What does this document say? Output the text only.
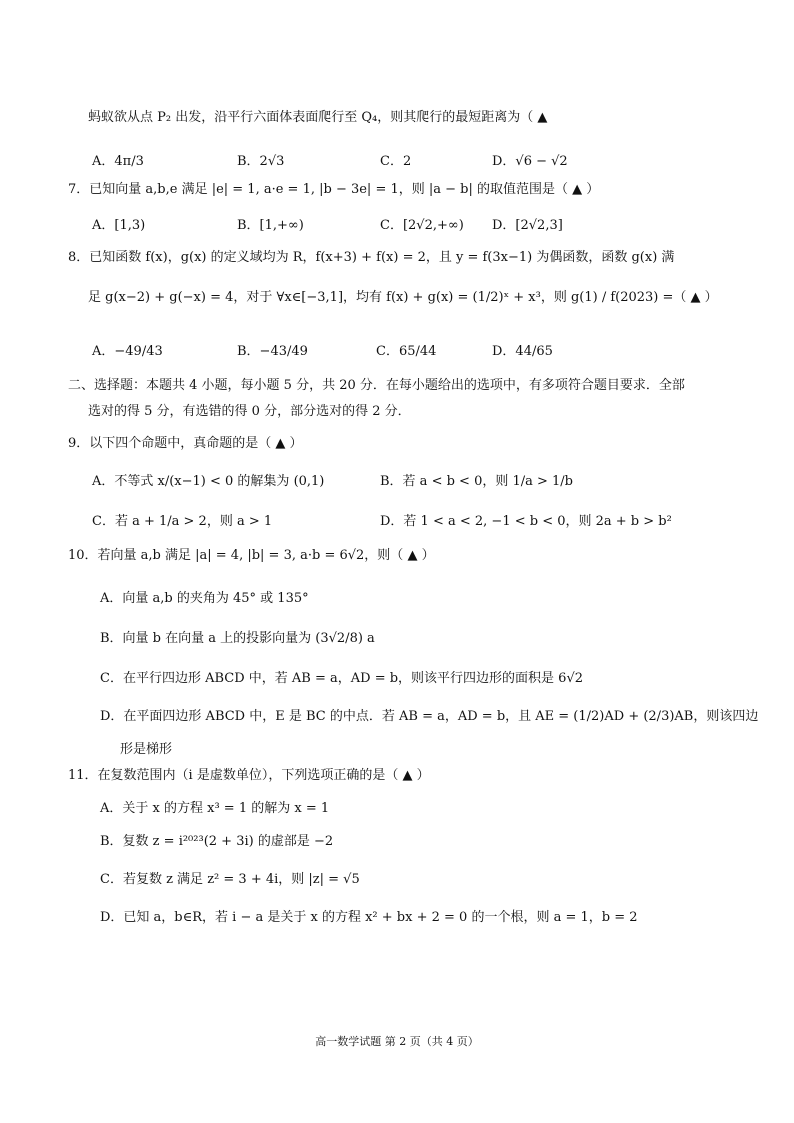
蚂蚁欲从点 P₂ 出发，沿平行六面体表面爬行至 Q₄，则其爬行的最短距离为（ ▲
A．4π/3	B．2√3	C．2	D．√6 − √2
7．已知向量 a,b,e 满足 |e| = 1, a·e = 1, |b − 3e| = 1，则 |a − b| 的取值范围是（ ▲ ）
A．[1,3)	B．[1,+∞)	C．[2√2,+∞) D．[2√2,3]
8．已知函数 f(x)，g(x) 的定义域均为 R，f(x+3) + f(x) = 2，且 y = f(3x−1) 为偶函数，函数 g(x) 满
足 g(x−2) + g(−x) = 4，对于 ∀x∈[−3,1]，均有 f(x) + g(x) = (1/2)ˣ + x³，则 g(1) / f(2023) =（ ▲ ）
A．−49/43	B．−43/49	C．65/44	D．44/65
二、选择题：本题共 4 小题，每小题 5 分，共 20 分．在每小题给出的选项中，有多项符合题目要求．全部
选对的得 5 分，有选错的得 0 分，部分选对的得 2 分．
9．以下四个命题中，真命题的是（ ▲ ）
A．不等式 x/(x−1) < 0 的解集为 (0,1)	B．若 a < b < 0，则 1/a > 1/b
C．若 a + 1/a > 2，则 a > 1	D．若 1 < a < 2, −1 < b < 0，则 2a + b > b²
10．若向量 a,b 满足 |a| = 4, |b| = 3, a·b = 6√2，则（ ▲ ）
A．向量 a,b 的夹角为 45° 或 135°
B．向量 b 在向量 a 上的投影向量为 (3√2/8) a
C．在平行四边形 ABCD 中，若 AB = a，AD = b，则该平行四边形的面积是 6√2
D．在平面四边形 ABCD 中，E 是 BC 的中点．若 AB = a，AD = b，且 AE = (1/2)AD + (2/3)AB，则该四边
形是梯形
11．在复数范围内（i 是虚数单位），下列选项正确的是（ ▲ ）
A．关于 x 的方程 x³ = 1 的解为 x = 1
B．复数 z = i²⁰²³(2 + 3i) 的虚部是 −2
C．若复数 z 满足 z² = 3 + 4i，则 |z| = √5
D．已知 a，b∈R，若 i − a 是关于 x 的方程 x² + bx + 2 = 0 的一个根，则 a = 1，b = 2
高一数学试题 第 2 页（共 4 页）
